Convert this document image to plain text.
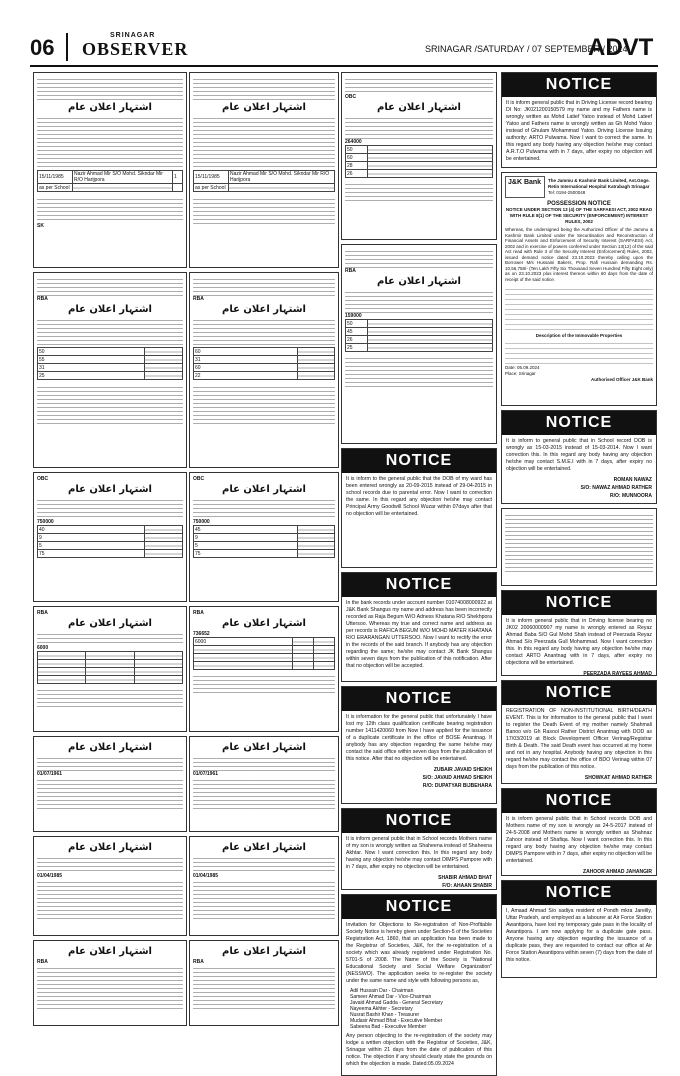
06	SRINAGAR
OBSERVER	SRINAGAR /SATURDAY / 07 SEPTEMBER / 2024
ADVT
اشتہار اعلان عام
15/11/1985	Nazir Ahmad Mir S/O Mohd. Sikndar Mir R/O Harijpora	1
as per School		
SK
RBA
اشتہار اعلان عام
50	
55	
31	
25	
OBC
اشتہار اعلان عام
750000
40	
9	
5	
75	
RBA
اشتہار اعلان عام
6000

اشتہار اعلان عام
01/07/1961
اشتہار اعلان عام
01/04/1985
اشتہار اعلان عام
RBA
اشتہار اعلان عام
15/11/1985	Nazir Ahmad Mir S/O Mohd. Sikndar Mir R/O Harijpora
as per School	
RBA
اشتہار اعلان عام
60	
31	
60	
22	
OBC
اشتہار اعلان عام
750000
45	
9	
5	
75	
RBA
اشتہار اعلان عام
736652
6000		

اشتہار اعلان عام
01/07/1961
اشتہار اعلان عام
01/04/1985
اشتہار اعلان عام
RBA
OBC
اشتہار اعلان عام
264000
50	
60	
28	
26	
RBA
اشتہار اعلان عام
159000
50	
45	
26	
25	
NOTICE
It is inform to the general public that the DOB of my ward has been entered wrongly as 20-09-2015 instead of 29-04-2015 in school records due to parental error. Now I want to correction the same. In this regard any objection he/she may contact Principal Army Goodwill School Wuzar within 07days after that no objection will be entertained.
NOTICE
In the bank records under account number 01074008000922 at J&K Bank Shangus my name and address has been incorrectly recorded as Raja Begum W/O Adness Khatana R/O Shekhpora Uttersoo. Whereas my true and correct name and address as per records is RAFICA BEGUM W/O MOHD MATER KHATANA R/O ERARANGAN UTTERSOO. Now I want to rectify the error in the records of the said branch. If anybody has any objection regarding the same; he/she may contact JK Bank Shangus within seven days from the publication of this notification. After that no objection will be accepted.
NOTICE
It is information for the general public that unfortunately I have lost my 12th class qualification certificate bearing registration number 1411420060 from Now I have applied for the issuance of a duplicate certificate in the office of BOSE Anantnag. If anybody has any objection regarding the same he/she may contact the said office within seven days from the publication of this notice. After that no objection will be entertained.
ZUBAIR JAVAID SHEIKH
S/O: JAVAID AHMAD SHEIKH
R/O: DUPATYAR BIJBEHARA
NOTICE
It is inform general public that in School records Mothers name of my son is wrongly written as Shaheena instead of Shaheena Akhtar. Now I want correction this. In this regard any body having any objection he/she may contact DIMPS Pampore with in 7 days, after expiry no objection will be entertained.
SHABIR AHMAD BHAT
F/O: AHAAN SHABIR
NOTICE
Invitation for Objections to Re-registration of Non-Profitable Society Notice is hereby given under Section-5 of the Societies Registration Act, 1860, that an application has been made to the Registrar of Societies, J&K, for the re-registration of a society which was already registered under Registration No. 5701-S of 2008. The Name of the Society is "National Educational Society and Social Welfare Organization" (NESSWO). The application seeks to re-register the society under the same name and style with following persons as,
Adil Hussain Dar - Chairman
Sameer Ahmad Dar - Vice-Chairman
Javaid Ahmad Gadda - General Secretary
Nayeema Akhter - Secretary
Nusrat Bashir Khan - Treasurer
Mudasir Ahmad Bhat - Executive Member
Sabeena Bad - Executive Member
Any person objecting to the re-registration of the society may lodge a written objection with the Registrar of Societies, J&K, Srinagar within 21 days from the date of publication of this notice. The objection if any should clearly state the grounds on which the objection is made. Dated:05.09.2024
NOTICE
It is inform general public that in Driving License record bearing DI No: JK021200150579 my name and my Fathers name is wrongly written as Mohd Latief Yatoo instead of Mohd Lateef Yatoo and Fathers name is wrongly written as Gh Mohd Yatoo instead of Ghulam Mohammad Yatoo. Driving License Issuing authority: ARTO Pulwama. Now I want to correct the same. In this regard any body having any objection he/she may contact A.R.T.O Pulwama with in 7 days, after expiry no objection will be entertained.
J&K Bank	The Jammu & Kashmir Bank Limited, Ast.Gnge. Retin International Hospital Katrabagh Srinagar
Tel: 0194-2500048
POSSESSION NOTICE
NOTICE UNDER SECTION 13 (4) OF THE SARFAESI ACT, 2002 READ WITH RULE 8(1) OF THE SECURITY (ENFORCEMENT) INTEREST RULES, 2002
Whereas, the undersigned being the Authorized Officer of the Jammu & Kashmir Bank Limited under the Securitisation and Reconstruction of Financial Assets and Enforcement of Security Interest (SARFAESI) Act, 2002 and in exercise of powers conferred under Section 13(12) of the said Act read with Rule 3 of the Security Interest (Enforcement) Rules, 2002, issued demand notice dated 23.10.2023 thereby calling upon the Borrower M/s Hussaini Bakers, Prop. Rafi Hussain demanding Rs. 10,56,758/- (Ten Lakh Fifty Six Thousand Seven Hundred Fifty Eight only) as on 23.10.2023 plus interest thereon within 60 days from the date of receipt of the said notice.
Description of the Immovable Properties
Date: 05.09.2024
Place: Srinagar
Authorised Officer J&K Bank
NOTICE
It is inform to general public that in School record DOB is wrongly as 15-03-2015 instead of 15-03-2014. Now I want correction this. In this regard any body having any objection he/she may contact S.M.E.I with in 7 days, after expiry no objection will be entertained.
ROMAN NAWAZ
S/O: NAWAZ AHMAD RATHER
R/O: MUNNOORA
NOTICE
It is inform general public that in Driving license bearing no JK02 20060000907 my name is wrongly entered as Reyaz Ahmad Baba S/O Gul Mohd Shah instead of Peerzada Reyaz Ahmad S/o Peerzada Gull Mohammad. Now I want correction this. In this regard any body having any objection he/she may contact ARTO Anantnag with in 7 days, after expiry no objections will be entertained.
PEERZADA RAYEES AHMAD
NOTICE
REGISTRATION OF NON-INSTITUTIONAL BIRTH/DEATH EVENT. This is for information to the general public that I want to register the Death Event of my mother namely Shahmali Banoo w/o Gh Rasool Rather District Anantnag with DOD as 17/03/2019 at Block Development Officer Verinag/Registrar Birth & Death. The said Death event has occurred at my home and not in any hospital. Anybody having any objection in this regard he/she may contact the office of BDO Verinag within 07 days from the publication of this notice.
SHOWKAT AHMAD RATHER
NOTICE
It is inform general public that in School records DOB and Mothers name of my son is wrongly as 24-5-2017 instead of 24-5-2008 and Mothers name is wrongly written as Shahnaz Zahoor instead of Shafiqa. Now I want correction this. In this regard any body having any objection he/she may contact DIMPS Pampore with in 7 days, after expiry no objection will be entertained.
ZAHOOR AHMAD JAHANGIR
NOTICE
I, Amaad Ahmad S/o sadiya resident of Pondh mkra Jareilly, Uttar Pradesh, and employed as a labourer at Air Force Station Awantipora, have lost my temporary gate pass in the locality of Awantipora. I am now applying for a duplicate gate pass. Anyone having any objection regarding the issuance of a duplicate pass, they are requested to contact our office at Air Force Station Awantipora within seven (7) days from the date of this notice.
